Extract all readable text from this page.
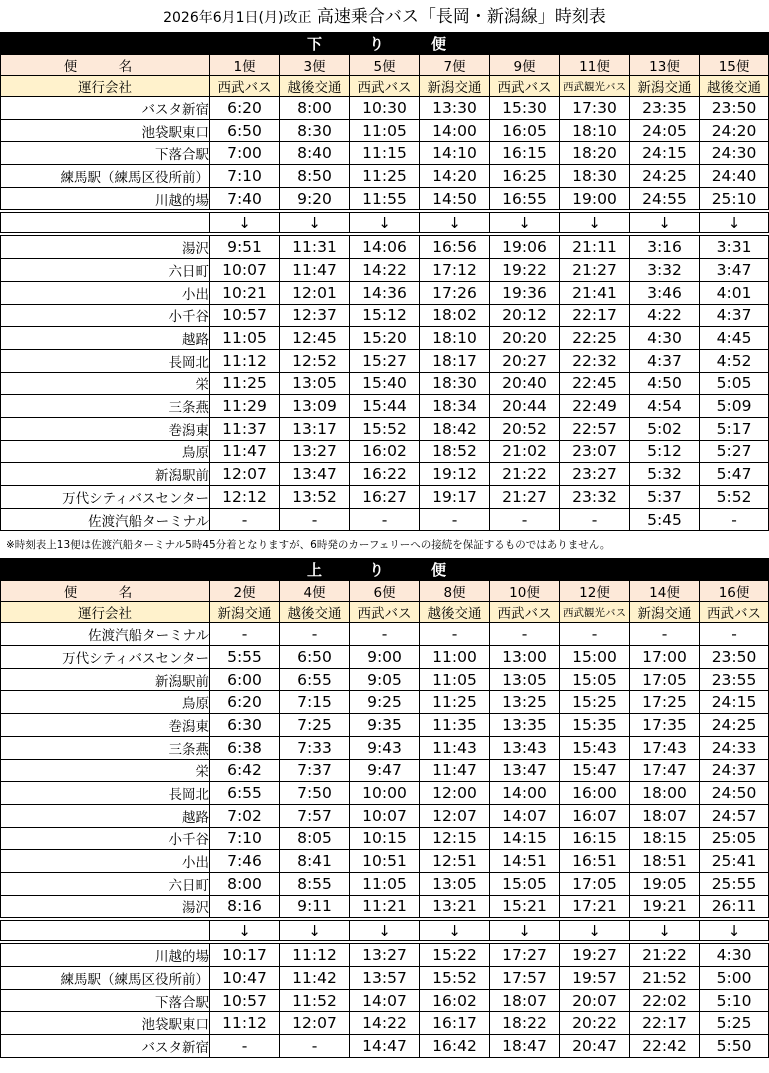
2026年6月1日(月)改正 高速乗合バス「長岡・新潟線」時刻表
下　り　便								
便　名	1便	3便	5便	7便	9便	11便	13便	15便
運行会社	西武バス	越後交通	西武バス	新潟交通	西武バス	西武観光バス	新潟交通	越後交通
バスタ新宿	6:20	8:00	10:30	13:30	15:30	17:30	23:35	23:50
池袋駅東口	6:50	8:30	11:05	14:00	16:05	18:10	24:05	24:20
下落合駅	7:00	8:40	11:15	14:10	16:15	18:20	24:15	24:30
練馬駅（練馬区役所前）	7:10	8:50	11:25	14:20	16:25	18:30	24:25	24:40
川越的場	7:40	9:20	11:55	14:50	16:55	19:00	24:55	25:10

	↓	↓	↓	↓	↓	↓	↓	↓

湯沢	9:51	11:31	14:06	16:56	19:06	21:11	3:16	3:31
六日町	10:07	11:47	14:22	17:12	19:22	21:27	3:32	3:47
小出	10:21	12:01	14:36	17:26	19:36	21:41	3:46	4:01
小千谷	10:57	12:37	15:12	18:02	20:12	22:17	4:22	4:37
越路	11:05	12:45	15:20	18:10	20:20	22:25	4:30	4:45
長岡北	11:12	12:52	15:27	18:17	20:27	22:32	4:37	4:52
栄	11:25	13:05	15:40	18:30	20:40	22:45	4:50	5:05
三条燕	11:29	13:09	15:44	18:34	20:44	22:49	4:54	5:09
巻潟東	11:37	13:17	15:52	18:42	20:52	22:57	5:02	5:17
鳥原	11:47	13:27	16:02	18:52	21:02	23:07	5:12	5:27
新潟駅前	12:07	13:47	16:22	19:12	21:22	23:27	5:32	5:47
万代シティバスセンター	12:12	13:52	16:27	19:17	21:27	23:32	5:37	5:52
佐渡汽船ターミナル	-	-	-	-	-	-	5:45	-
※時刻表上13便は佐渡汽船ターミナル5時45分着となりますが、6時発のカーフェリーへの接続を保証するものではありません。
上　り　便								
便　名	2便	4便	6便	8便	10便	12便	14便	16便
運行会社	新潟交通	越後交通	西武バス	越後交通	西武バス	西武観光バス	新潟交通	西武バス
佐渡汽船ターミナル	-	-	-	-	-	-	-	-
万代シティバスセンター	5:55	6:50	9:00	11:00	13:00	15:00	17:00	23:50
新潟駅前	6:00	6:55	9:05	11:05	13:05	15:05	17:05	23:55
鳥原	6:20	7:15	9:25	11:25	13:25	15:25	17:25	24:15
巻潟東	6:30	7:25	9:35	11:35	13:35	15:35	17:35	24:25
三条燕	6:38	7:33	9:43	11:43	13:43	15:43	17:43	24:33
栄	6:42	7:37	9:47	11:47	13:47	15:47	17:47	24:37
長岡北	6:55	7:50	10:00	12:00	14:00	16:00	18:00	24:50
越路	7:02	7:57	10:07	12:07	14:07	16:07	18:07	24:57
小千谷	7:10	8:05	10:15	12:15	14:15	16:15	18:15	25:05
小出	7:46	8:41	10:51	12:51	14:51	16:51	18:51	25:41
六日町	8:00	8:55	11:05	13:05	15:05	17:05	19:05	25:55
湯沢	8:16	9:11	11:21	13:21	15:21	17:21	19:21	26:11

	↓	↓	↓	↓	↓	↓	↓	↓

川越的場	10:17	11:12	13:27	15:22	17:27	19:27	21:22	4:30
練馬駅（練馬区役所前）	10:47	11:42	13:57	15:52	17:57	19:57	21:52	5:00
下落合駅	10:57	11:52	14:07	16:02	18:07	20:07	22:02	5:10
池袋駅東口	11:12	12:07	14:22	16:17	18:22	20:22	22:17	5:25
バスタ新宿	-	-	14:47	16:42	18:47	20:47	22:42	5:50
